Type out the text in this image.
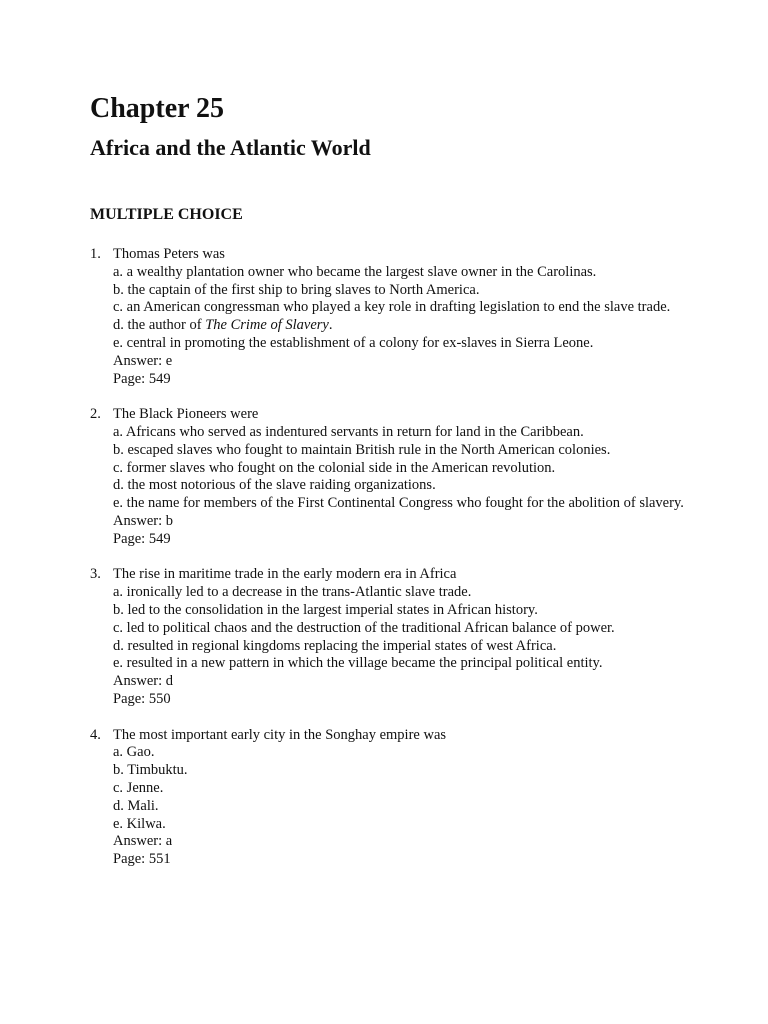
Chapter 25
Africa and the Atlantic World
MULTIPLE CHOICE
1. Thomas Peters was
a. a wealthy plantation owner who became the largest slave owner in the Carolinas.
b. the captain of the first ship to bring slaves to North America.
c. an American congressman who played a key role in drafting legislation to end the slave trade.
d. the author of The Crime of Slavery.
e. central in promoting the establishment of a colony for ex-slaves in Sierra Leone.
Answer: e
Page: 549
2. The Black Pioneers were
a. Africans who served as indentured servants in return for land in the Caribbean.
b. escaped slaves who fought to maintain British rule in the North American colonies.
c. former slaves who fought on the colonial side in the American revolution.
d. the most notorious of the slave raiding organizations.
e. the name for members of the First Continental Congress who fought for the abolition of slavery.
Answer: b
Page: 549
3. The rise in maritime trade in the early modern era in Africa
a. ironically led to a decrease in the trans-Atlantic slave trade.
b. led to the consolidation in the largest imperial states in African history.
c. led to political chaos and the destruction of the traditional African balance of power.
d. resulted in regional kingdoms replacing the imperial states of west Africa.
e. resulted in a new pattern in which the village became the principal political entity.
Answer: d
Page: 550
4. The most important early city in the Songhay empire was
a. Gao.
b. Timbuktu.
c. Jenne.
d. Mali.
e. Kilwa.
Answer: a
Page: 551
